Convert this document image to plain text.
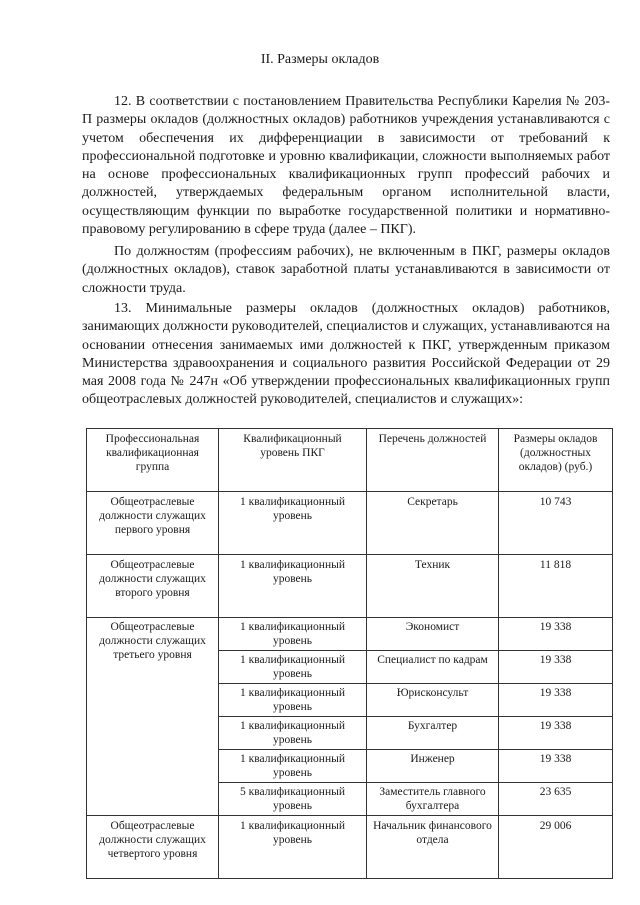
II. Размеры окладов

12. В соответствии с постановлением Правительства Республики Карелия № 203-П размеры окладов (должностных окладов) работников учреждения устанавливаются с учетом обеспечения их дифференциации в зависимости от требований к профессиональной подготовке и уровню квалификации, сложности выполняемых работ на основе профессиональных квалификационных групп профессий рабочих и должностей, утверждаемых федеральным органом исполнительной власти, осуществляющим функции по выработке государственной политики и нормативно-правовому регулированию в сфере труда (далее – ПКГ).

По должностям (профессиям рабочих), не включенным в ПКГ, размеры окладов (должностных окладов), ставок заработной платы устанавливаются в зависимости от сложности труда.

13. Минимальные размеры окладов (должностных окладов) работников, занимающих должности руководителей, специалистов и служащих, устанавливаются на основании отнесения занимаемых ими должностей к ПКГ, утвержденным приказом Министерства здравоохранения и социального развития Российской Федерации от 29 мая 2008 года № 247н «Об утверждении профессиональных квалификационных групп общеотраслевых должностей руководителей, специалистов и служащих»:

Профессиональная квалификационная группа	Квалификационный уровень ПКГ	Перечень должностей	Размеры окладов (должностных окладов) (руб.)
Общеотраслевые должности служащих первого уровня	1 квалификационный уровень	Секретарь	10 743
Общеотраслевые должности служащих второго уровня	1 квалификационный уровень	Техник	11 818
Общеотраслевые должности служащих третьего уровня	1 квалификационный уровень	Экономист	19 338
	1 квалификационный уровень	Специалист по кадрам	19 338
	1 квалификационный уровень	Юрисконсульт	19 338
	1 квалификационный уровень	Бухгалтер	19 338
	1 квалификационный уровень	Инженер	19 338
	5 квалификационный уровень	Заместитель главного бухгалтера	23 635
Общеотраслевые должности служащих четвертого уровня	1 квалификационный уровень	Начальник финансового отдела	29 006
